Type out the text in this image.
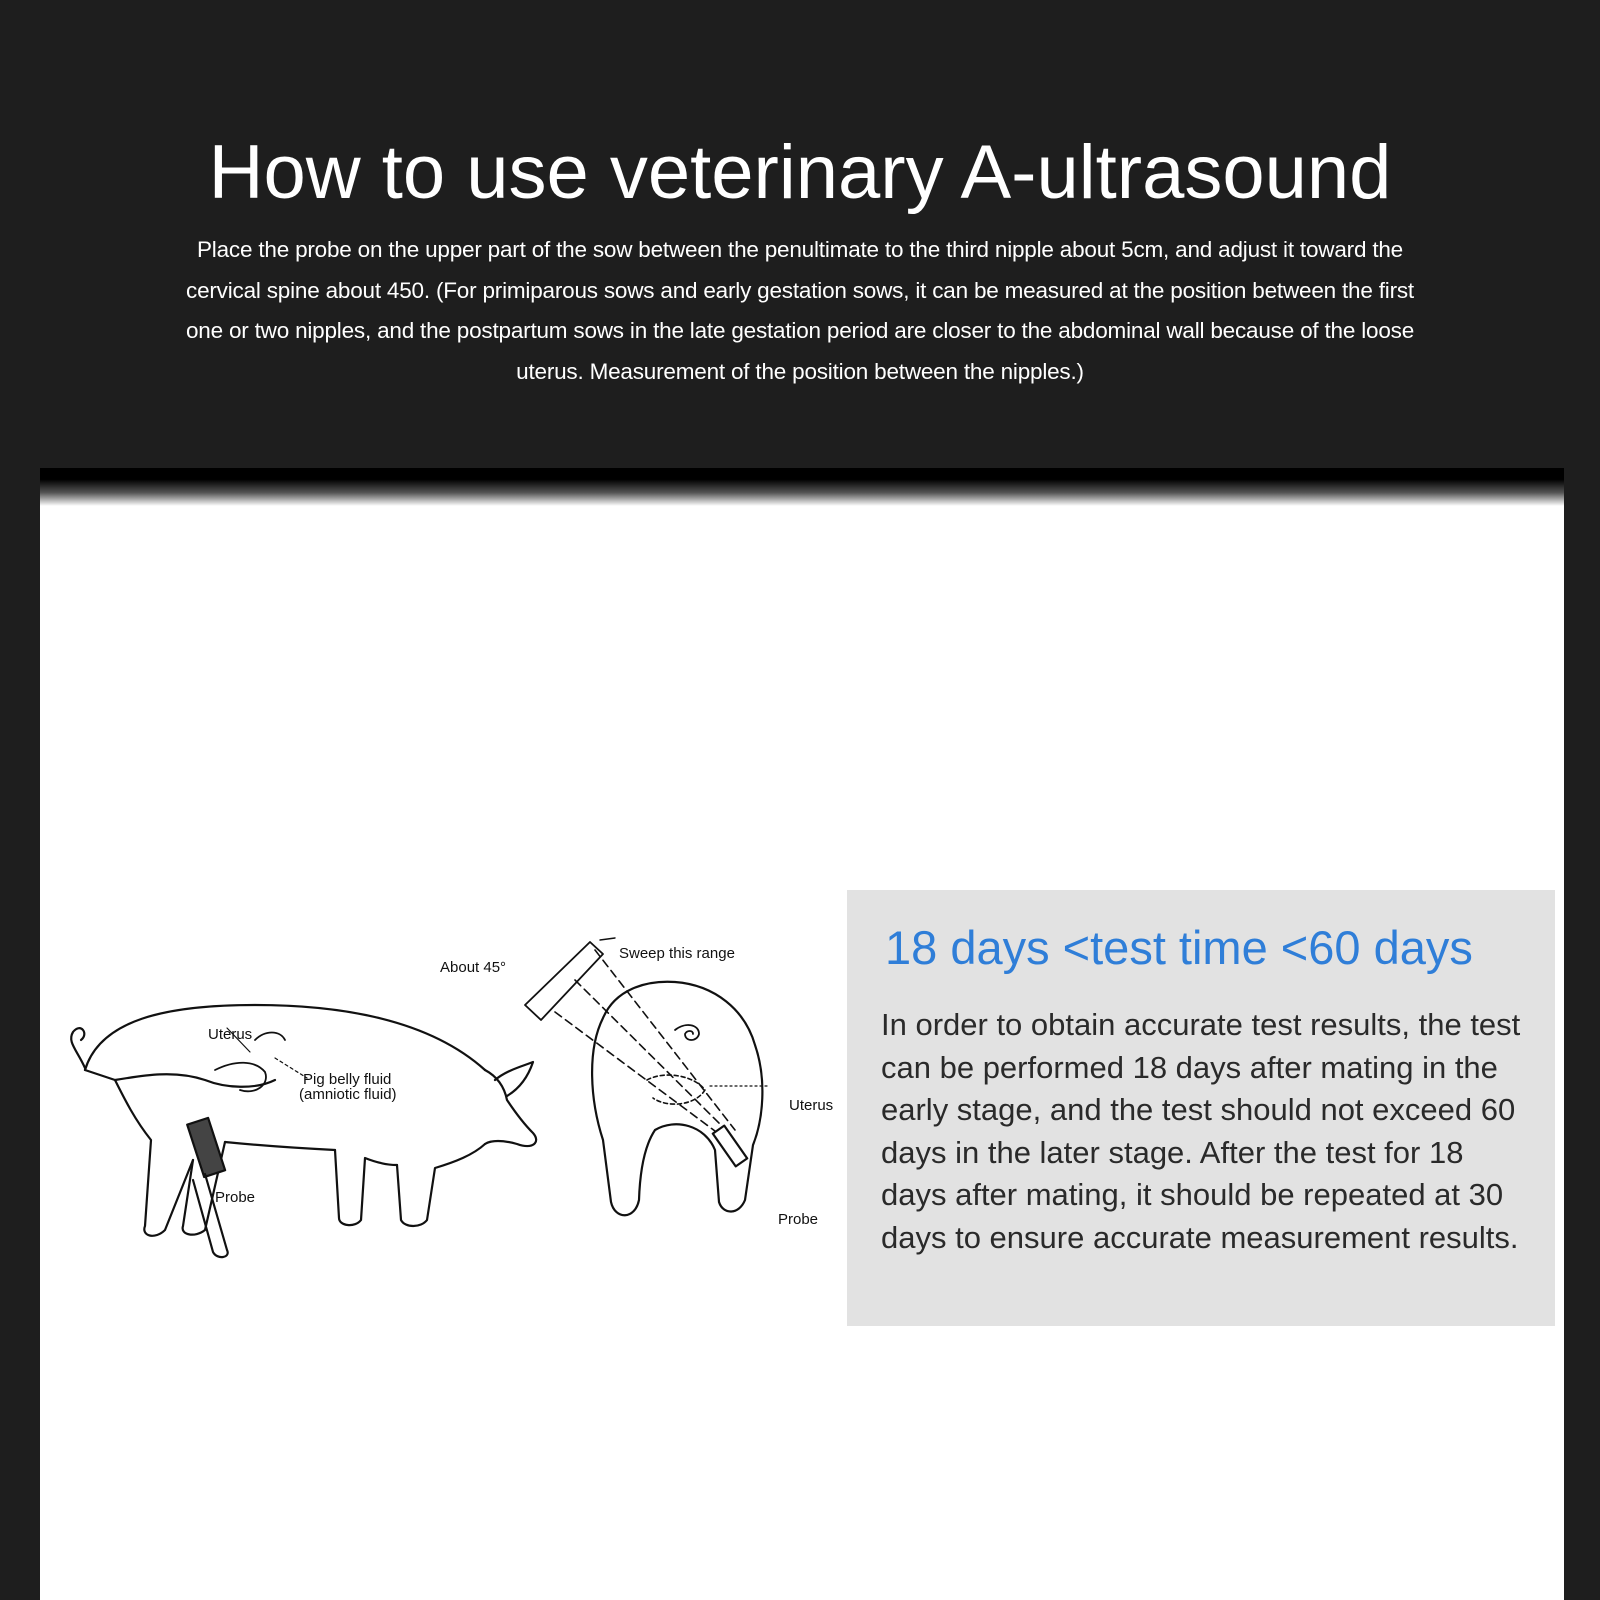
How to use veterinary A-ultrasound
Place the probe on the upper part of the sow between the penultimate to the third nipple about 5cm, and adjust it toward the cervical spine about 450. (For primiparous sows and early gestation sows, it can be measured at the position between the first one or two nipples, and the postpartum sows in the late gestation period are closer to the abdominal wall because of the loose uterus. Measurement of the position between the nipples.)
Uterus
Pig belly fluid
(amniotic fluid)
Probe
About 45°
Sweep this range
Uterus
Probe
18 days <test time <60 days
In order to obtain accurate test results, the test can be performed 18 days after mating in the early stage, and the test should not exceed 60 days in the later stage. After the test for 18 days after mating, it should be repeated at 30 days to ensure accurate measurement results.
